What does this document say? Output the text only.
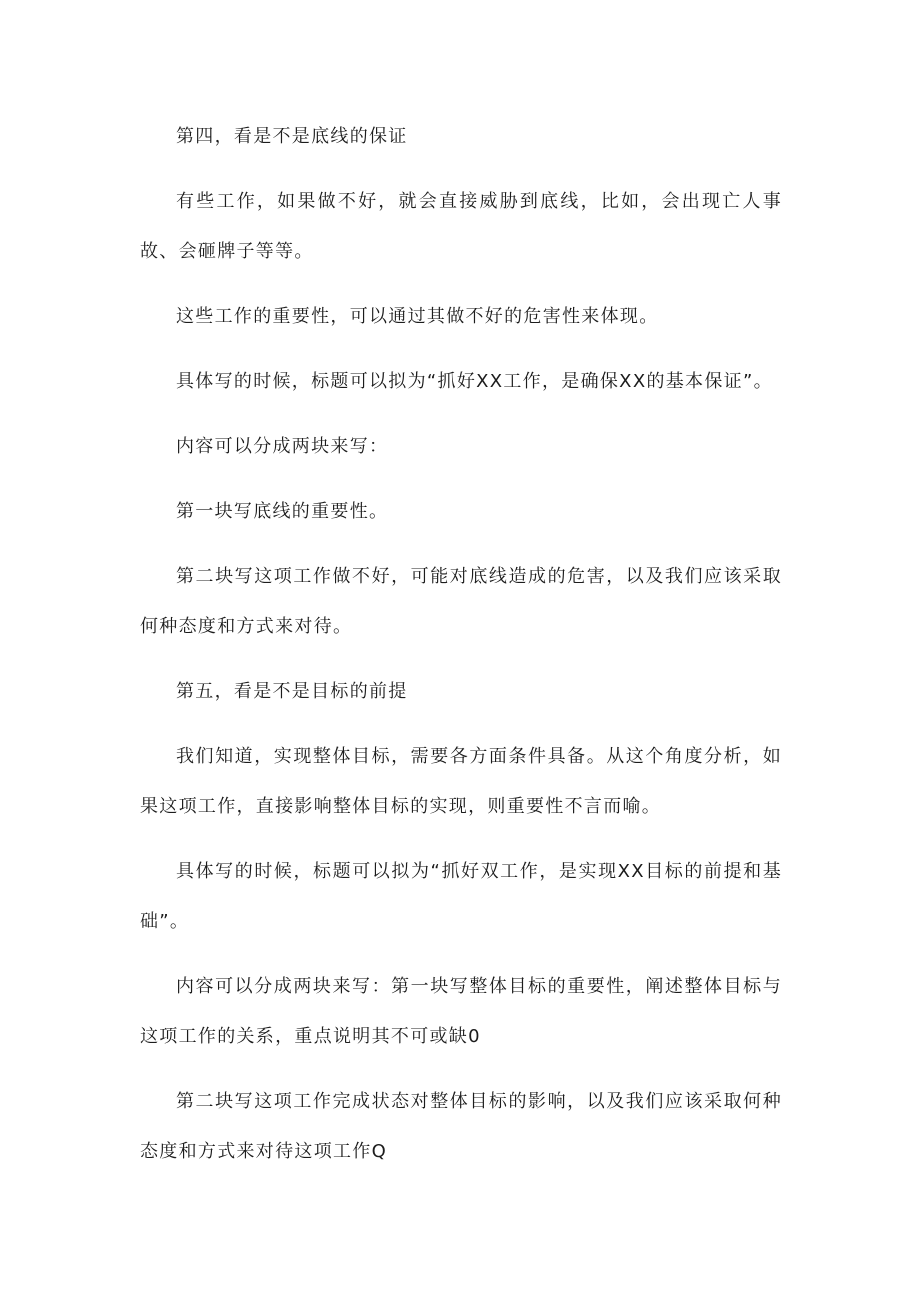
第四，看是不是底线的保证

有些工作，如果做不好，就会直接威胁到底线，比如，会出现亡人事故、会砸牌子等等。

这些工作的重要性，可以通过其做不好的危害性来体现。

具体写的时候，标题可以拟为“抓好XX工作，是确保XX的基本保证”。

内容可以分成两块来写：

第一块写底线的重要性。

第二块写这项工作做不好，可能对底线造成的危害，以及我们应该采取何种态度和方式来对待。

第五，看是不是目标的前提

我们知道，实现整体目标，需要各方面条件具备。从这个角度分析，如果这项工作，直接影响整体目标的实现，则重要性不言而喻。

具体写的时候，标题可以拟为“抓好双工作，是实现XX目标的前提和基础”。

内容可以分成两块来写：第一块写整体目标的重要性，阐述整体目标与这项工作的关系，重点说明其不可或缺0

第二块写这项工作完成状态对整体目标的影响，以及我们应该采取何种态度和方式来对待这项工作Q
